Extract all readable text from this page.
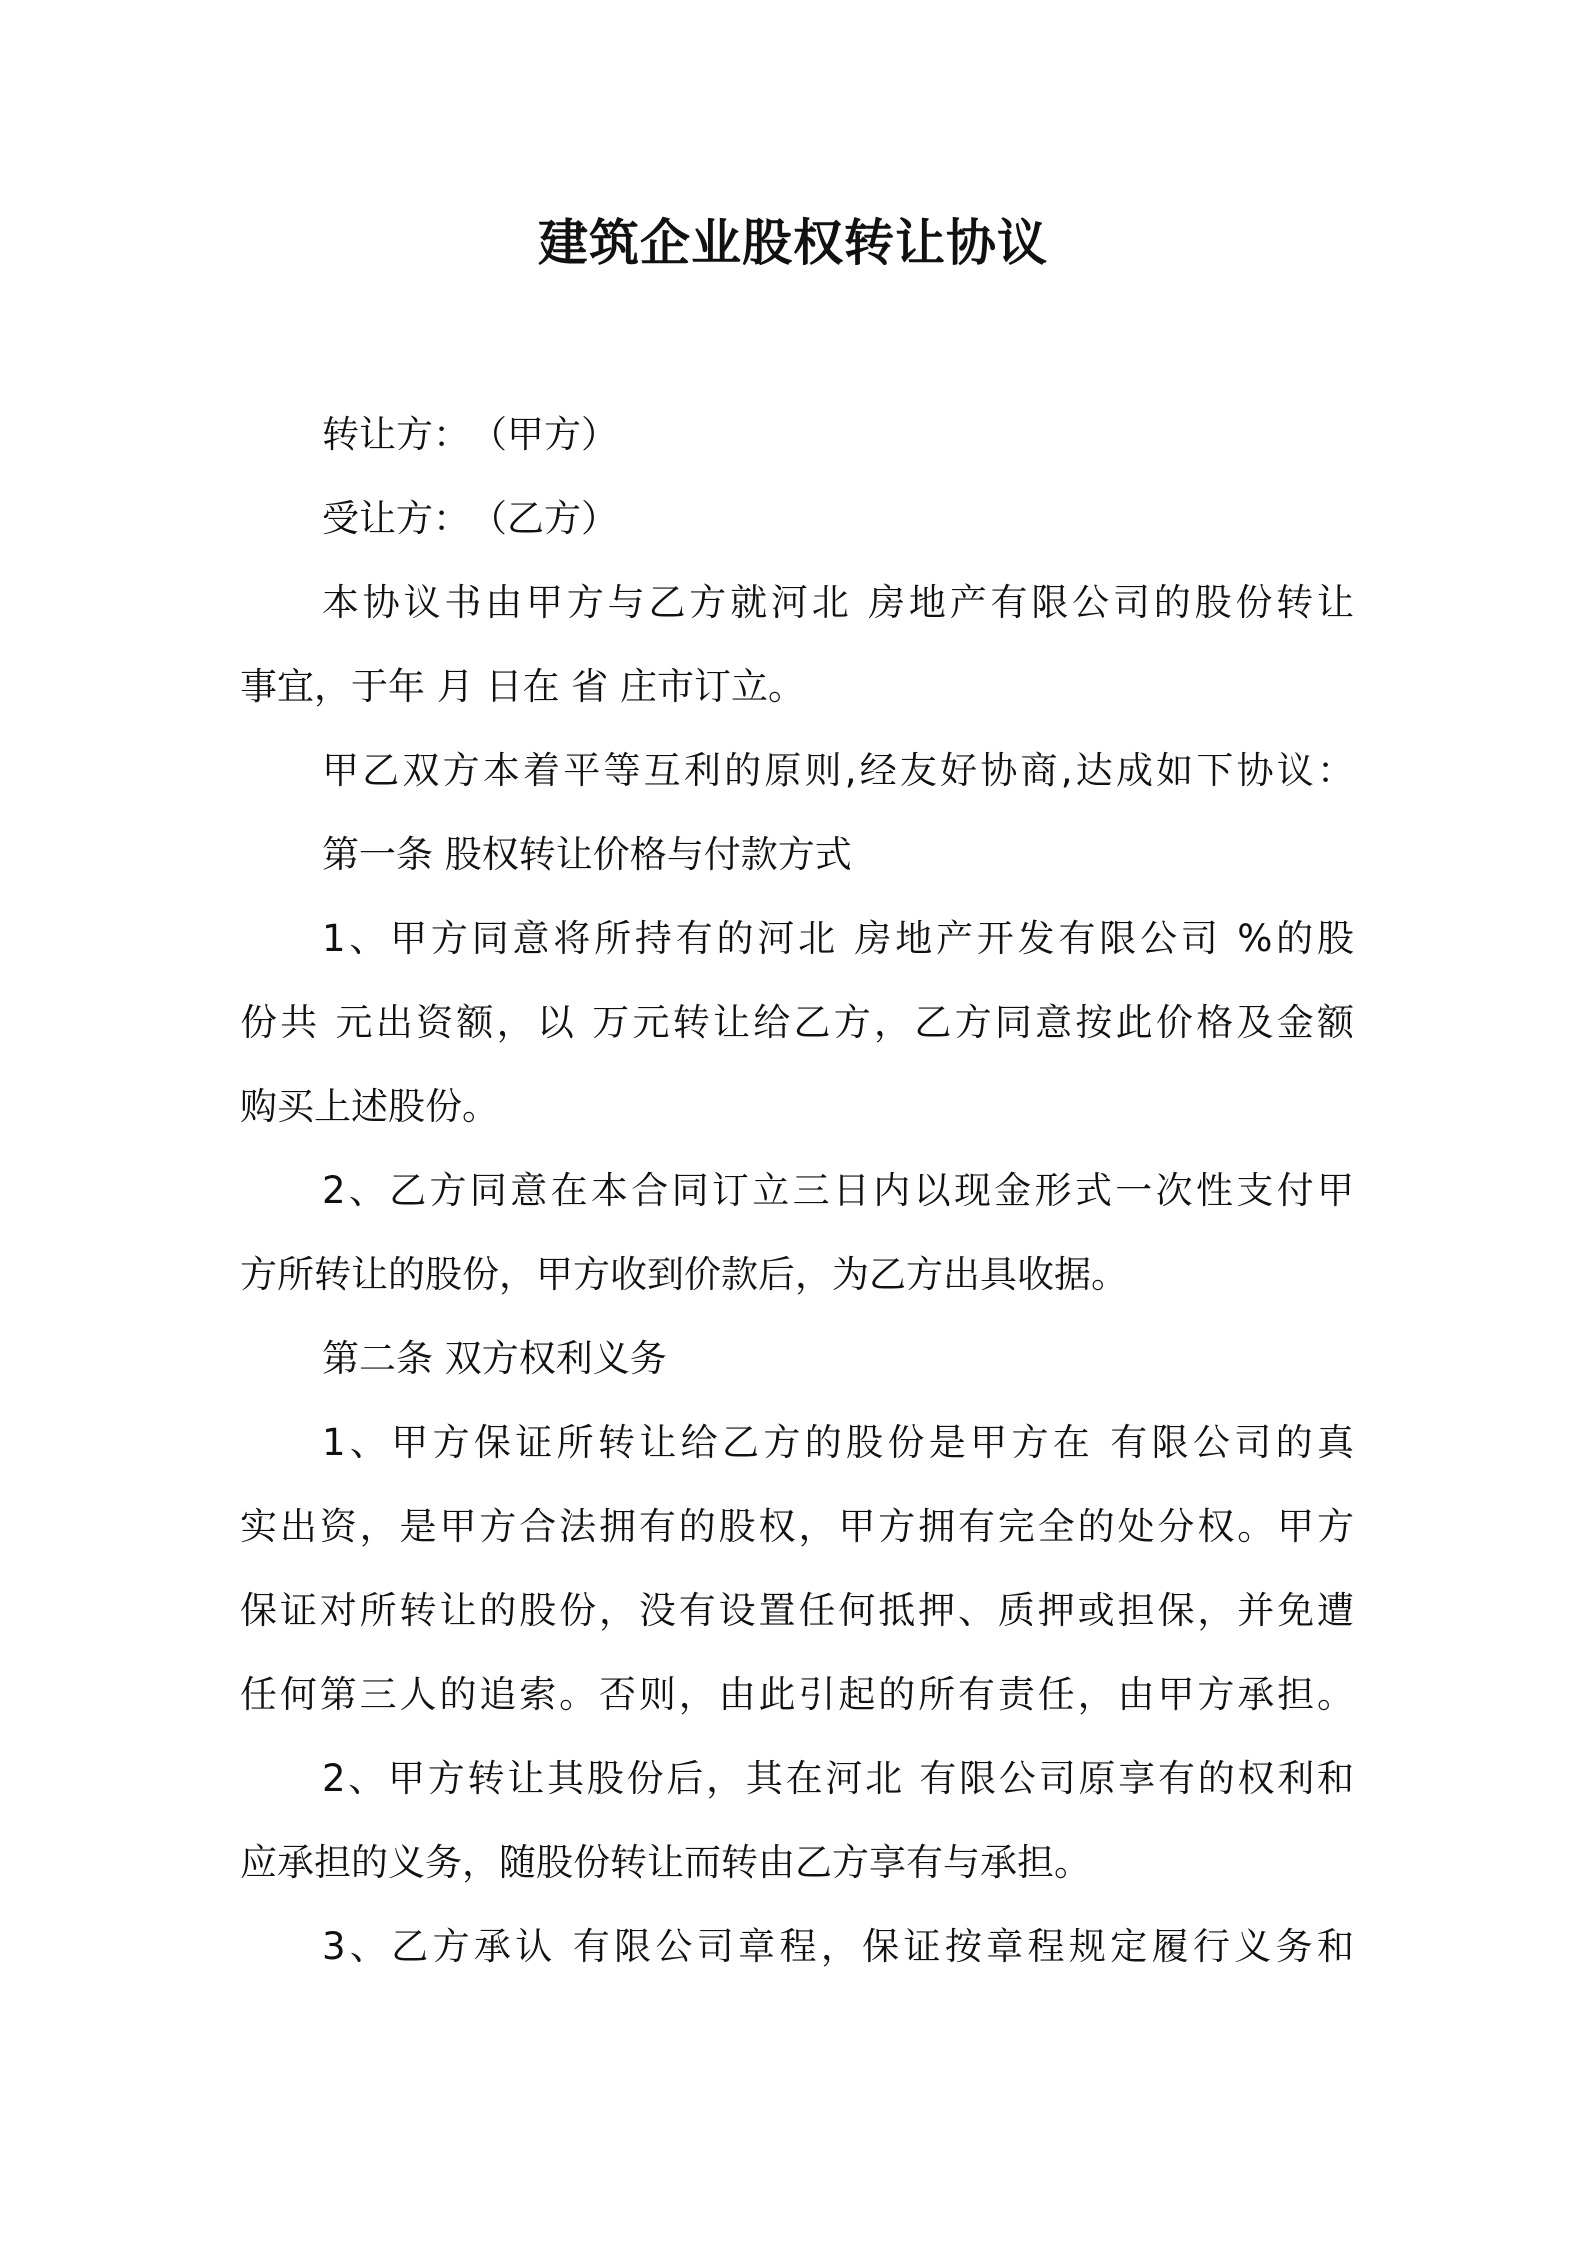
建筑企业股权转让协议
转让方：　（甲方）
受让方：　（乙方）
本协议书由甲方与乙方就河北 房地产有限公司的股份转让
事宜，于年 月 日在 省 庄市订立。
甲乙双方本着平等互利的原则,经友好协商,达成如下协议：
第一条 股权转让价格与付款方式
1、甲方同意将所持有的河北 房地产开发有限公司 %的股
份共 元出资额，以 万元转让给乙方，乙方同意按此价格及金额
购买上述股份。
2、乙方同意在本合同订立三日内以现金形式一次性支付甲
方所转让的股份，甲方收到价款后，为乙方出具收据。
第二条 双方权利义务
1、甲方保证所转让给乙方的股份是甲方在 有限公司的真
实出资，是甲方合法拥有的股权，甲方拥有完全的处分权。甲方
保证对所转让的股份，没有设置任何抵押、质押或担保，并免遭
任何第三人的追索。否则，由此引起的所有责任，由甲方承担。
2、甲方转让其股份后，其在河北 有限公司原享有的权利和
应承担的义务，随股份转让而转由乙方享有与承担。
3、乙方承认 有限公司章程，保证按章程规定履行义务和
